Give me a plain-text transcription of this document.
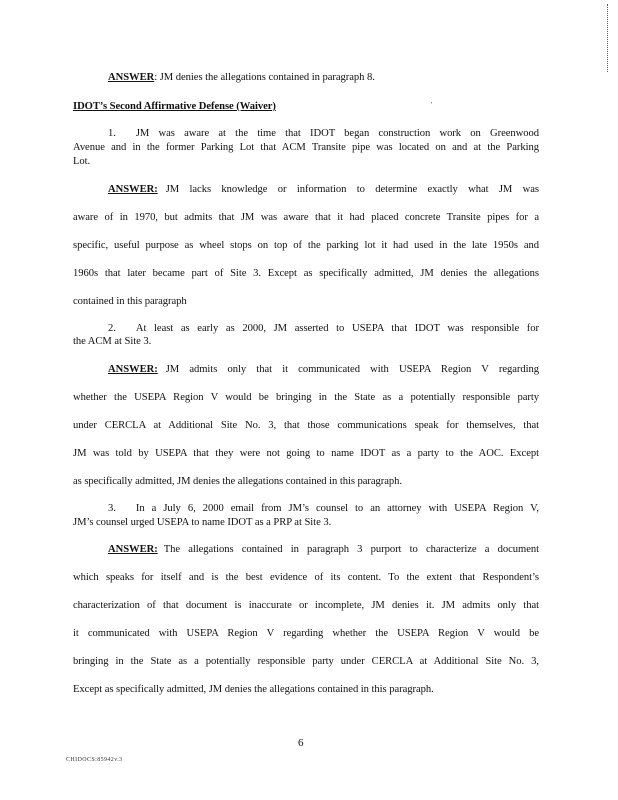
ANSWER: JM denies the allegations contained in paragraph 8.
IDOT’s Second Affirmative Defense (Waiver)	'
1. JM was aware at the time that IDOT began construction work on Greenwood
Avenue and in the former Parking Lot that ACM Transite pipe was located on and at the Parking
Lot.
ANSWER: JM lacks knowledge or information to determine exactly what JM was
aware of in 1970, but admits that JM was aware that it had placed concrete Transite pipes for a
specific, useful purpose as wheel stops on top of the parking lot it had used in the late 1950s and
1960s that later became part of Site 3. Except as specifically admitted, JM denies the allegations
contained in this paragraph
2. At least as early as 2000, JM asserted to USEPA that IDOT was responsible for
the ACM at Site 3.
ANSWER: JM admits only that it communicated with USEPA Region V regarding
whether the USEPA Region V would be bringing in the State as a potentially responsible party
under CERCLA at Additional Site No. 3, that those communications speak for themselves, that
JM was told by USEPA that they were not going to name IDOT as a party to the AOC. Except
as specifically admitted, JM denies the allegations contained in this paragraph.
3. In a July 6, 2000 email from JM’s counsel to an attorney with USEPA Region V,
JM’s counsel urged USEPA to name IDOT as a PRP at Site 3.
ANSWER: The allegations contained in paragraph 3 purport to characterize a document
which speaks for itself and is the best evidence of its content. To the extent that Respondent’s
characterization of that document is inaccurate or incomplete, JM denies it. JM admits only that
it communicated with USEPA Region V regarding whether the USEPA Region V would be
bringing in the State as a potentially responsible party under CERCLA at Additional Site No. 3,
Except as specifically admitted, JM denies the allegations contained in this paragraph.
6
CHIDOCS:85942v.3
